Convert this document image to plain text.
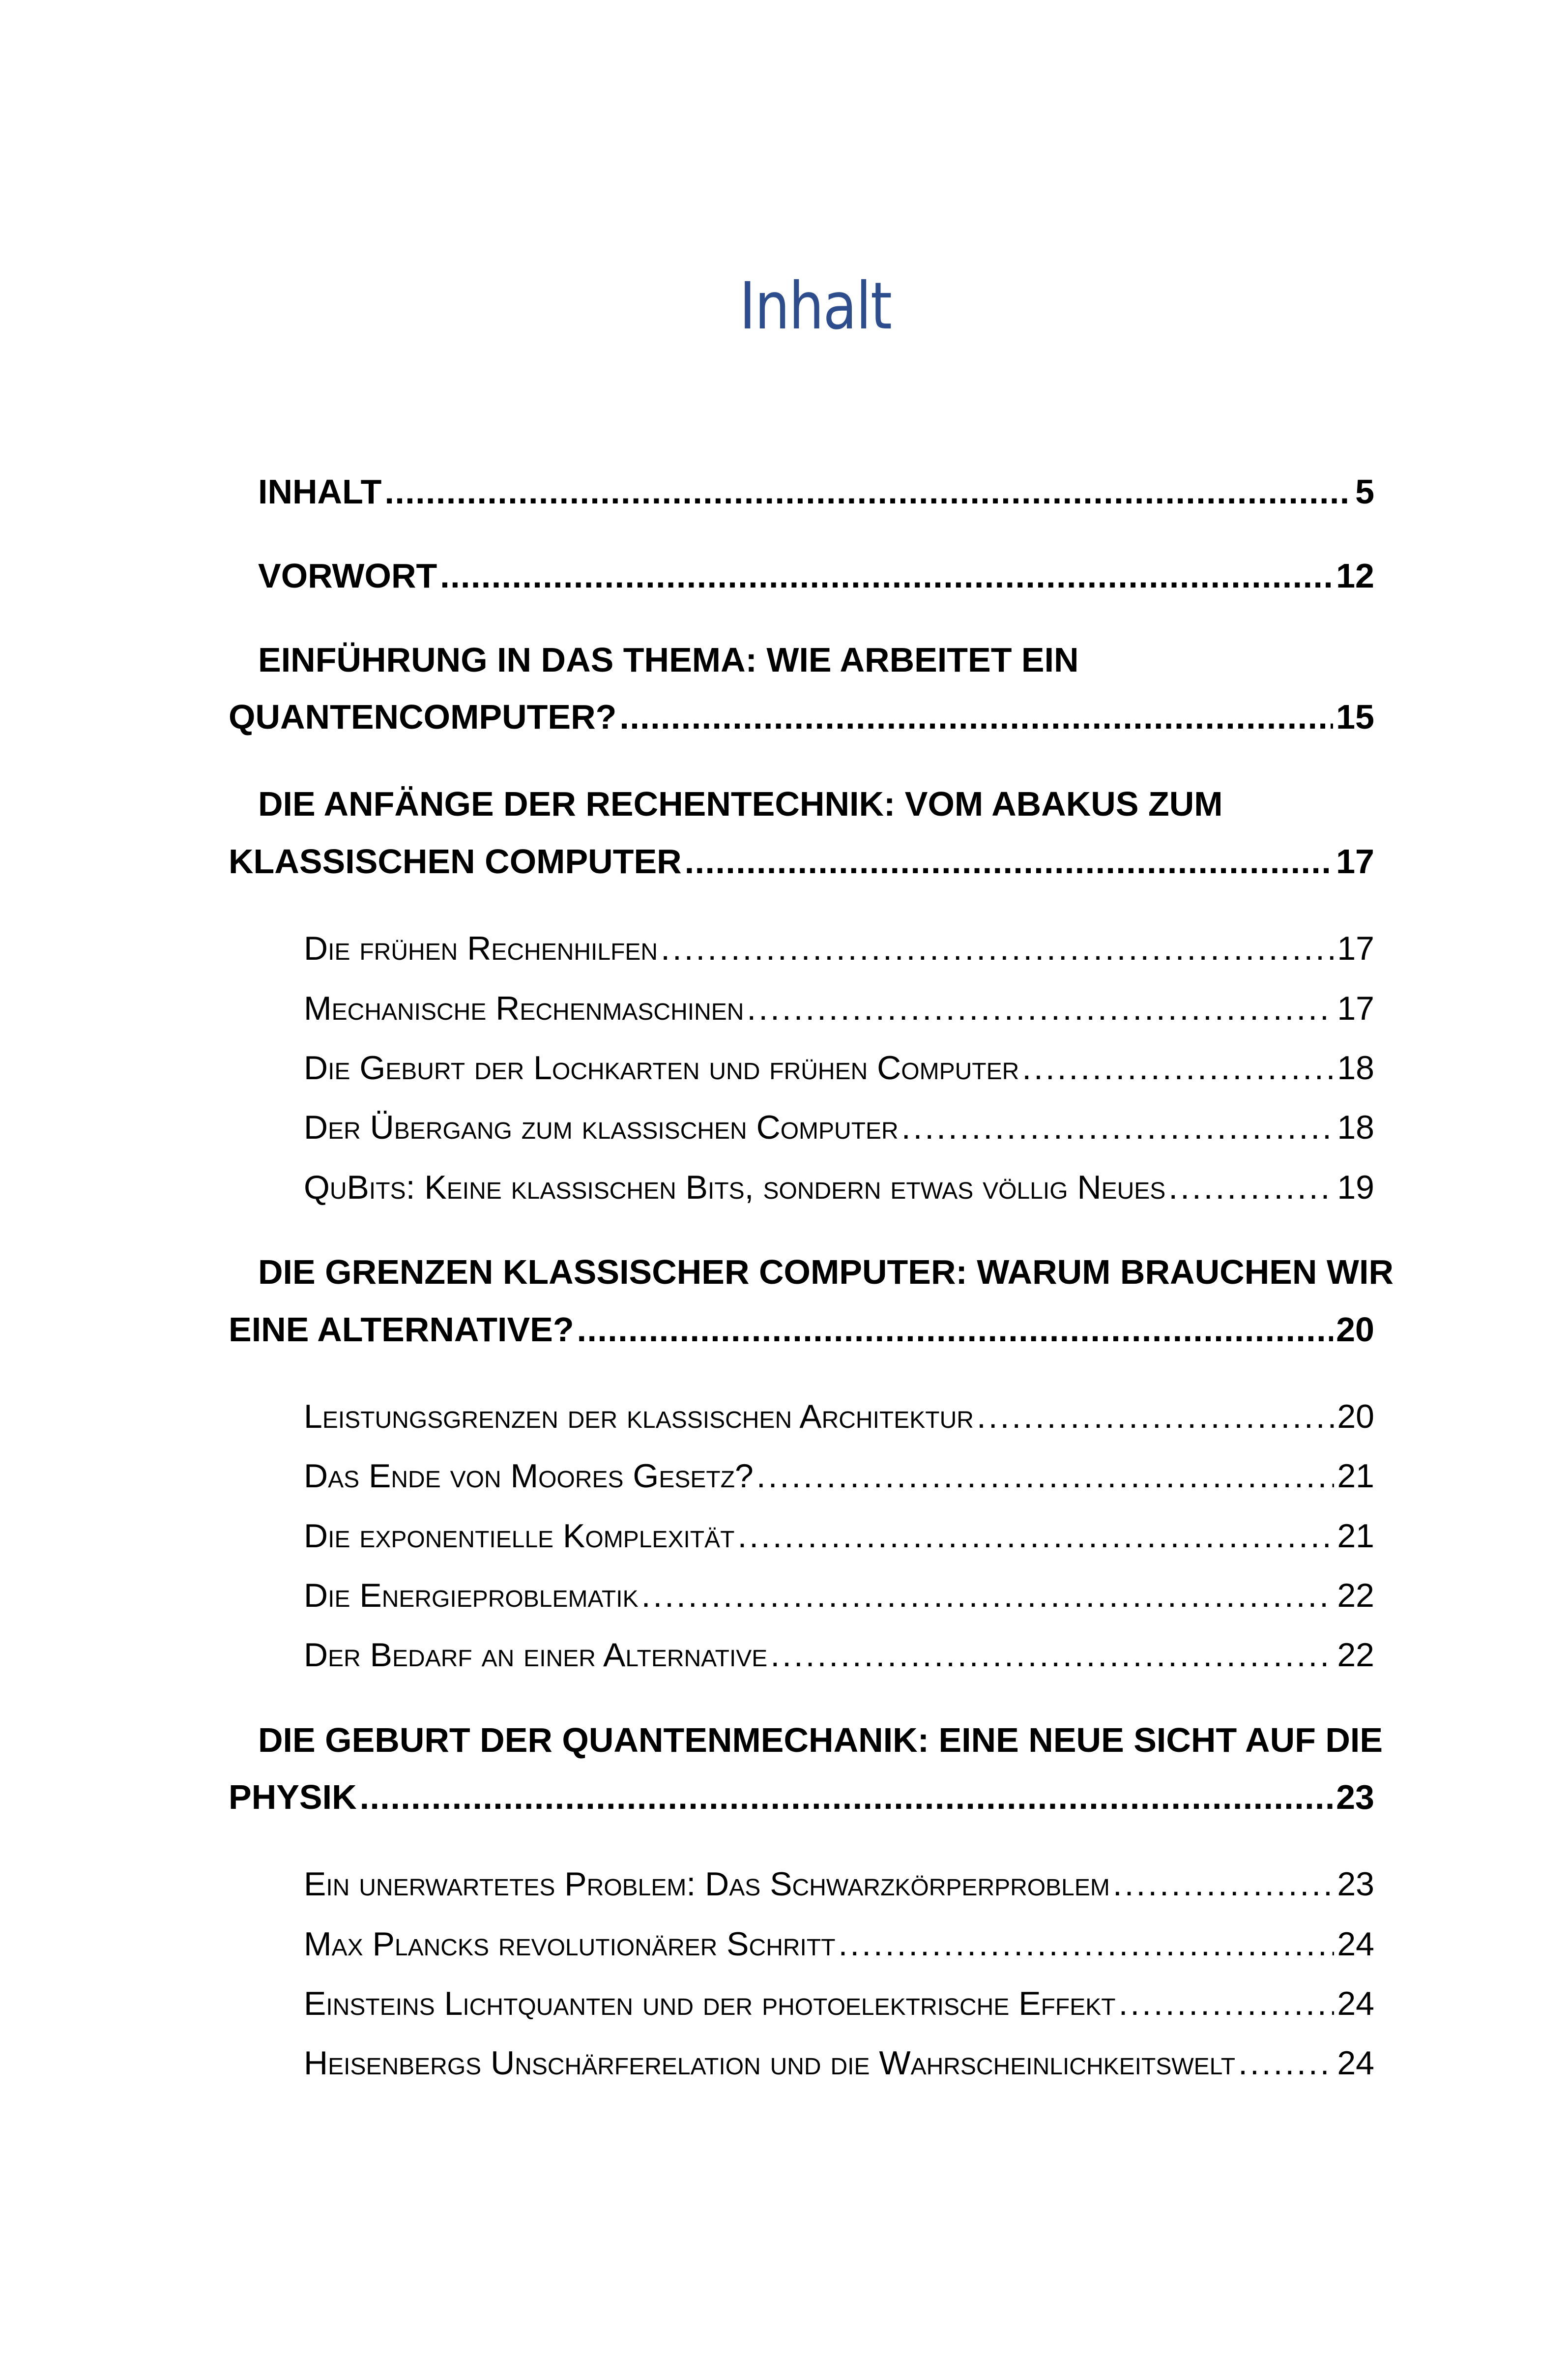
Inhalt
INHALT . . .	5
VORWORT . . .	12
EINFÜHRUNG IN DAS THEMA: WIE ARBEITET EIN
QUANTENCOMPUTER? . . .	15
DIE ANFÄNGE DER RECHENTECHNIK: VOM ABAKUS ZUM
KLASSISCHEN COMPUTER . . .	17
Die frühen Rechenhilfen . . .	17
Mechanische Rechenmaschinen . . .	17
Die Geburt der Lochkarten und frühen Computer . . .	18
Der Übergang zum klassischen Computer . . .	18
QuBits: Keine klassischen Bits, sondern etwas völlig Neues . . .	19
DIE GRENZEN KLASSISCHER COMPUTER: WARUM BRAUCHEN WIR
EINE ALTERNATIVE? . . .	20
Leistungsgrenzen der klassischen Architektur . . .	20
Das Ende von Moores Gesetz? . . .	21
Die exponentielle Komplexität . . .	21
Die Energieproblematik . . .	22
Der Bedarf an einer Alternative . . .	22
DIE GEBURT DER QUANTENMECHANIK: EINE NEUE SICHT AUF DIE
PHYSIK . . .	23
Ein unerwartetes Problem: Das Schwarzkörperproblem . . .	23
Max Plancks revolutionärer Schritt . . .	24
Einsteins Lichtquanten und der photoelektrische Effekt . . .	24
Heisenbergs Unschärferelation und die Wahrscheinlichkeitswelt . . .	24
